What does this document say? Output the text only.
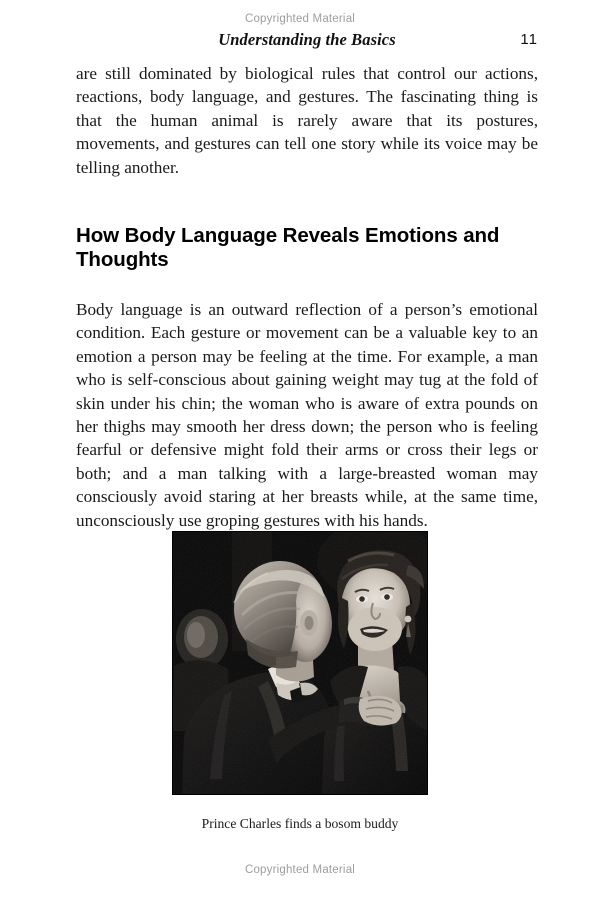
Copyrighted Material
Understanding the Basics	11

are still dominated by biological rules that control our actions, reactions, body language, and gestures. The fascinating thing is that the human animal is rarely aware that its postures, movements, and gestures can tell one story while its voice may be telling another.

How Body Language Reveals Emotions and Thoughts

Body language is an outward reflection of a person’s emotional condition. Each gesture or movement can be a valuable key to an emotion a person may be feeling at the time. For example, a man who is self-conscious about gaining weight may tug at the fold of skin under his chin; the woman who is aware of extra pounds on her thighs may smooth her dress down; the person who is feeling fearful or defensive might fold their arms or cross their legs or both; and a man talking with a large-breasted woman may consciously avoid staring at her breasts while, at the same time, unconsciously use groping gestures with his hands.

Prince Charles finds a bosom buddy
Copyrighted Material
